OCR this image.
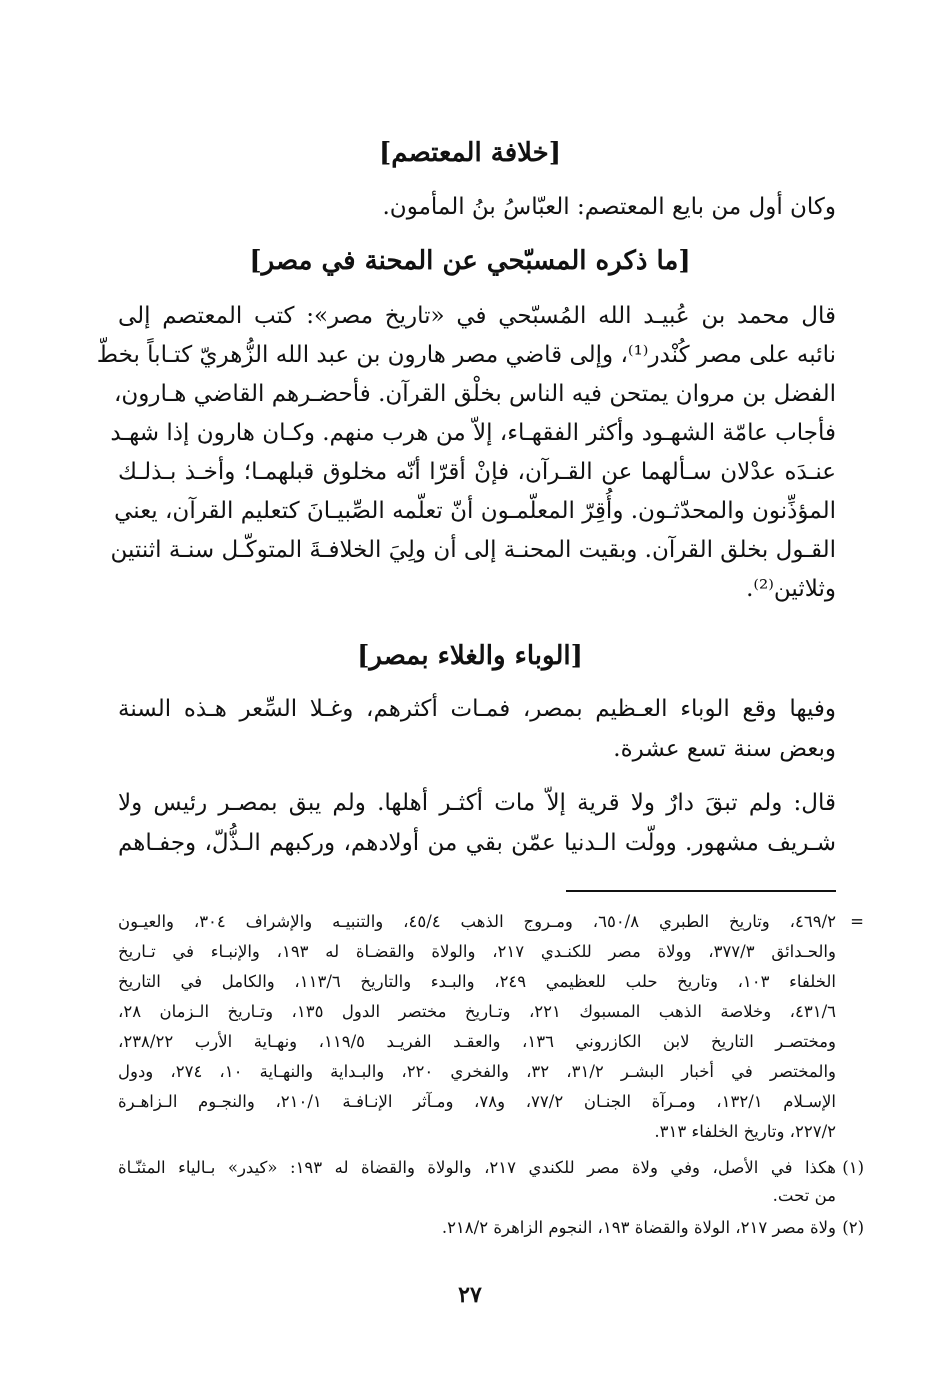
[خلافة المعتصم]
وكان أول من بايع المعتصم: العبّاسُ بنُ المأمون.
[ما ذكره المسبّحي عن المحنة في مصر]
قال محمد بن عُبيـد الله المُسبّحي في «تاريخ مصر»: كتب المعتصم إلى
نائبه على مصر كُنْدر⁽¹⁾، وإلى قاضي مصر هارون بن عبد الله الزُّهريّ كتـاباً بخطّ
الفضل بن مروان يمتحن فيه الناس بخلْق القرآن. فأحضـرهم القاضي هـارون،
فأجاب عامّة الشهـود وأكثر الفقهـاء، إلاّ من هرب منهم. وكـان هارون إذا شهـد
عنـدَه عدْلان سـألهما عن القـرآن، فإنْ أقرّا أنّه مخلوق قبلهمـا؛ وأخـذ بـذلـك
المؤذِّنون والمحدّثـون. وأُقِرّ المعلّمـون أنّ تعلّمه الصِّبيـانَ كتعليم القرآن، يعني
القـول بخلق القرآن. وبقيت المحنـة إلى أن ولِيَ الخلافـةَ المتوكّـل سنـة اثنتين
وثلاثين⁽²⁾.
[الوباء والغلاء بمصر]
وفيها وقع الوباء العـظيم بمصر، فمـات أكثرهم، وغـلا السِّعر هـذه السنة
وبعض سنة تسع عشرة.
قال: ولم تبقَ دارٌ ولا قرية إلاّ مات أكثـر أهلها. ولم يبق بمصـر رئيس ولا
شـريف مشهور. وولّت الـدنيا عمّن بقي من أولادهم، وركبهم الـذُّلّ، وجفـاهم
=
٤٦٩/٢، وتاريخ الطبري ٦٥٠/٨، ومـروج الذهب ٤٥/٤، والتنبيـه والإشراف ٣٠٤، والعيـون
والحـدائق ٣٧٧/٣، وولاة مصر للكنـدي ٢١٧، والولاة والقضـاة له ١٩٣، والإنبـاء في تـاريخ
الخلفاء ١٠٣، وتاريخ حلب للعظيمي ٢٤٩، والبـدء والتاريخ ١١٣/٦، والكامل في التاريخ
٤٣١/٦، وخلاصة الذهب المسبوك ٢٢١، وتـاريخ مختصر الدول ١٣٥، وتـاريخ الـزمان ٢٨،
ومختصـر التاريخ لابن الكازروني ١٣٦، والعقـد الفريـد ١١٩/٥، ونهـاية الأرب ٢٣٨/٢٢،
والمختصر في أخبار البشـر ٣١/٢، ٣٢، والفخري ٢٢٠، والبـداية والنهـاية ١٠، ٢٧٤، ودول
الإسـلام ١٣٢/١، ومـرآة الجنـان ٧٧/٢، و٧٨، ومـآثر الإنـافـة ٢١٠/١، والنجـوم الـزاهـرة
٢٢٧/٢، وتاريخ الخلفاء ٣١٣.
(١)
هكذا في الأصل، وفي ولاة مصر للكندي ٢١٧، والولاة والقضاة له ١٩٣: «كيدر» بـالياء المثنّـاة
من تحت.
(٢)
ولاة مصر ٢١٧، الولاة والقضاة ١٩٣، النجوم الزاهرة ٢١٨/٢.
٢٧
